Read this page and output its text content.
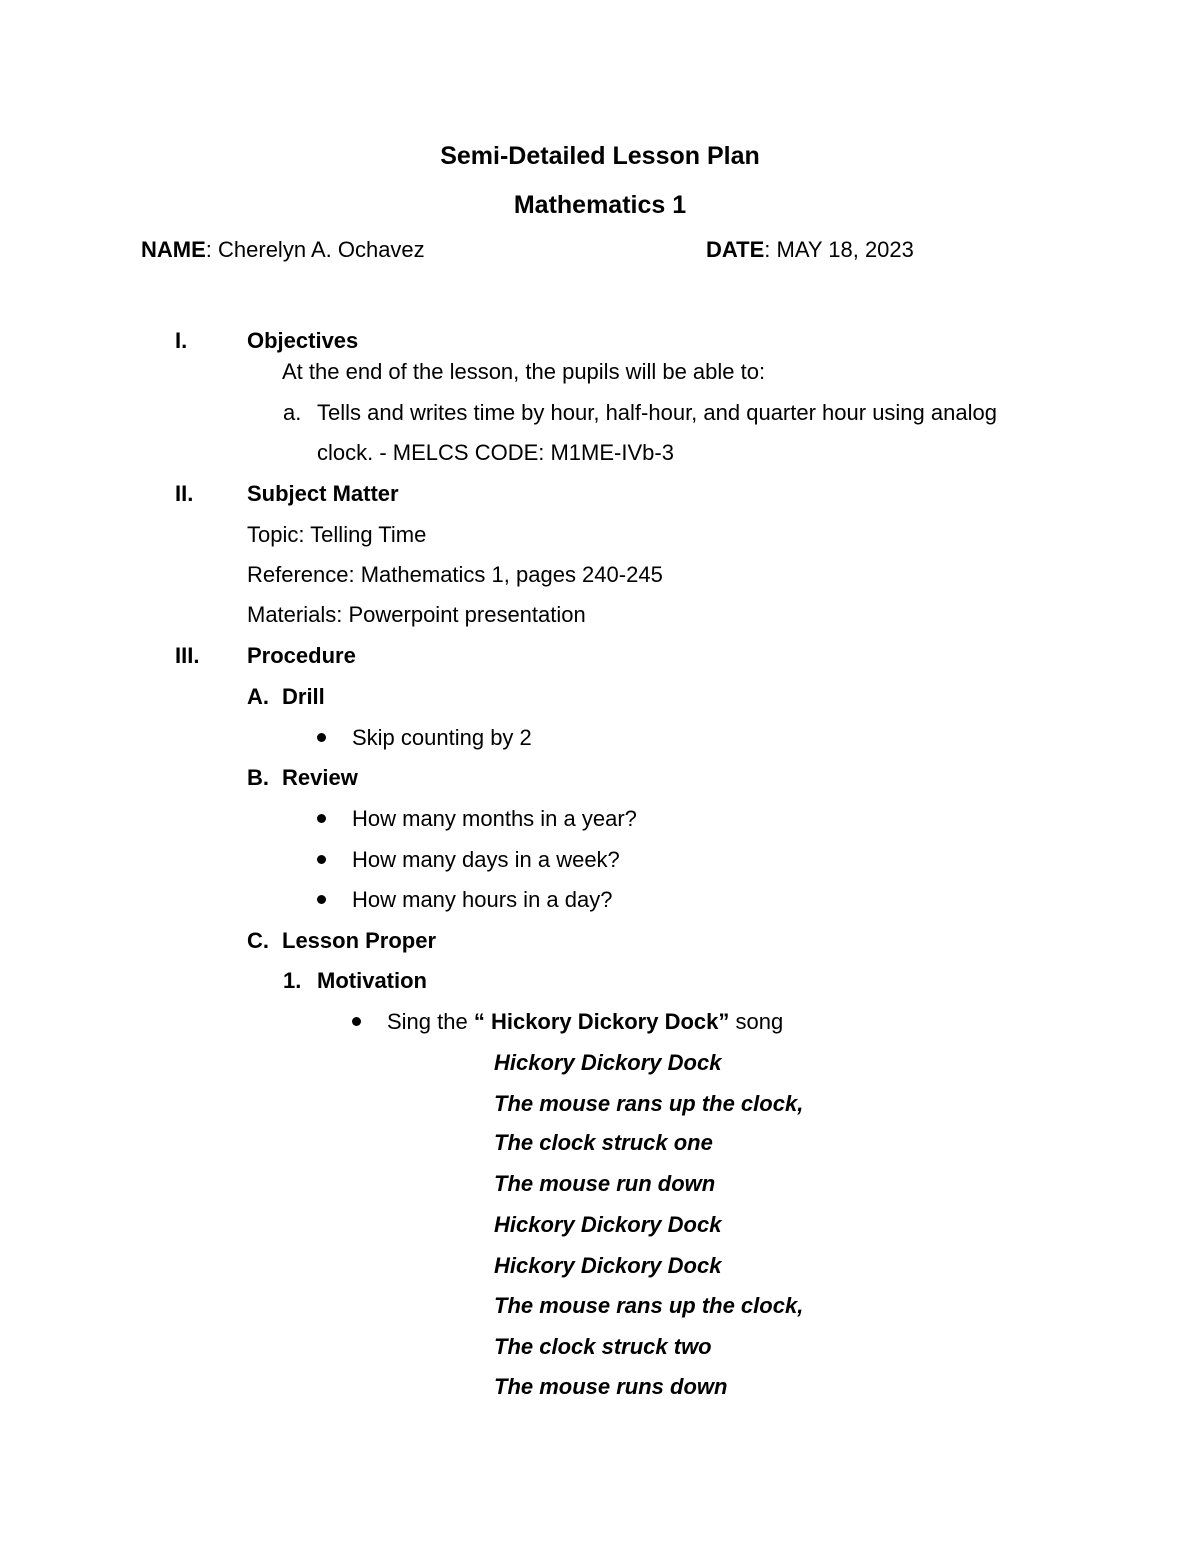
Semi-Detailed Lesson Plan
Mathematics 1
NAME: Cherelyn A. Ochavez	DATE: MAY 18, 2023
I.	Objectives
At the end of the lesson, the pupils will be able to:
a. Tells and writes time by hour, half-hour, and quarter hour using analog
clock. - MELCS CODE: M1ME-IVb-3
II. Subject Matter
Topic: Telling Time
Reference: Mathematics 1, pages 240-245
Materials: Powerpoint presentation
III. Procedure
A. Drill
Skip counting by 2
B. Review
How many months in a year?
How many days in a week?
How many hours in a day?
C. Lesson Proper
1. Motivation
Sing the “ Hickory Dickory Dock” song
Hickory Dickory Dock
The mouse rans up the clock,
The clock struck one
The mouse run down
Hickory Dickory Dock
Hickory Dickory Dock
The mouse rans up the clock,
The clock struck two
The mouse runs down
